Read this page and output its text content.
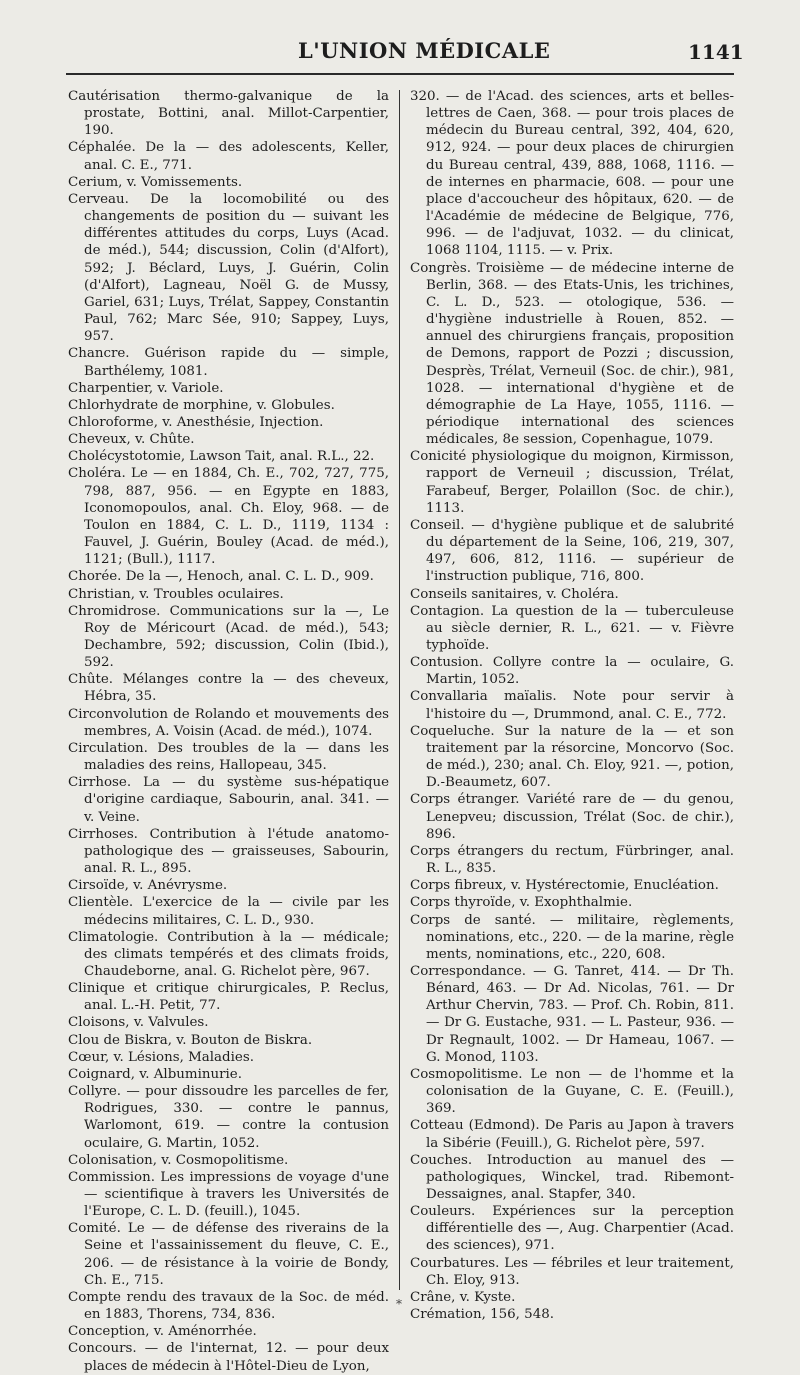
L'UNION MÉDICALE	1141
Cautérisation thermo-galvanique de la prostate, Bottini, anal. Millot-Carpentier, 190.
Céphalée. De la — des adolescents, Keller, anal. C. E., 771.
Cerium, v. Vomissements.
Cerveau. De la locomobilité ou des changements de position du — suivant les différentes attitudes du corps, Luys (Acad. de méd.), 544; discussion, Colin (d'Alfort), 592; J. Béclard, Luys, J. Guérin, Colin (d'Alfort), Lagneau, Noël G. de Mussy, Gariel, 631; Luys, Trélat, Sappey, Constantin Paul, 762; Marc Sée, 910; Sappey, Luys, 957.
Chancre. Guérison rapide du — simple, Barthélemy, 1081.
Charpentier, v. Variole.
Chlorhydrate de morphine, v. Globules.
Chloroforme, v. Anesthésie, Injection.
Cheveux, v. Chûte.
Cholécystotomie, Lawson Tait, anal. R.L., 22.
Choléra. Le — en 1884, Ch. E., 702, 727, 775, 798, 887, 956. — en Egypte en 1883, Iconomopoulos, anal. Ch. Eloy, 968. — de Toulon en 1884, C. L. D., 1119, 1134 : Fauvel, J. Guérin, Bouley (Acad. de méd.), 1121; (Bull.), 1117.
Chorée. De la —, Henoch, anal. C. L. D., 909.
Christian, v. Troubles oculaires.
Chromidrose. Communications sur la —, Le Roy de Méricourt (Acad. de méd.), 543; Dechambre, 592; discussion, Colin (Ibid.), 592.
Chûte. Mélanges contre la — des cheveux, Hébra, 35.
Circonvolution de Rolando et mouvements des membres, A. Voisin (Acad. de méd.), 1074.
Circulation. Des troubles de la — dans les maladies des reins, Hallopeau, 345.
Cirrhose. La — du système sus-hépatique d'origine cardiaque, Sabourin, anal. 341. — v. Veine.
Cirrhoses. Contribution à l'étude anatomo-pathologique des — graisseuses, Sabourin, anal. R. L., 895.
Cirsoïde, v. Anévrysme.
Clientèle. L'exercice de la — civile par les médecins militaires, C. L. D., 930.
Climatologie. Contribution à la — médicale; des climats tempérés et des climats froids, Chaudeborne, anal. G. Richelot père, 967.
Clinique et critique chirurgicales, P. Reclus, anal. L.-H. Petit, 77.
Cloisons, v. Valvules.
Clou de Biskra, v. Bouton de Biskra.
Cœur, v. Lésions, Maladies.
Coignard, v. Albuminurie.
Collyre. — pour dissoudre les parcelles de fer, Rodrigues, 330. — contre le pannus, Warlomont, 619. — contre la contusion oculaire, G. Martin, 1052.
Colonisation, v. Cosmopolitisme.
Commission. Les impressions de voyage d'une — scientifique à travers les Universités de l'Europe, C. L. D. (feuill.), 1045.
Comité. Le — de défense des riverains de la Seine et l'assainissement du fleuve, C. E., 206. — de résistance à la voirie de Bondy, Ch. E., 715.
Compte rendu des travaux de la Soc. de méd. en 1883, Thorens, 734, 836.
Conception, v. Aménorrhée.
Concours. — de l'internat, 12. — pour deux places de médecin à l'Hôtel-Dieu de Lyon,
320. — de l'Acad. des sciences, arts et belles-lettres de Caen, 368. — pour trois places de médecin du Bureau central, 392, 404, 620, 912, 924. — pour deux places de chirurgien du Bureau central, 439, 888, 1068, 1116. — de internes en pharmacie, 608. — pour une place d'accoucheur des hôpitaux, 620. — de l'Académie de médecine de Belgique, 776, 996. — de l'adjuvat, 1032. — du clinicat, 1068 1104, 1115. — v. Prix.
Congrès. Troisième — de médecine interne de Berlin, 368. — des Etats-Unis, les trichines, C. L. D., 523. — otologique, 536. — d'hygiène industrielle à Rouen, 852. — annuel des chirurgiens français, proposition de Demons, rapport de Pozzi ; discussion, Desprès, Trélat, Verneuil (Soc. de chir.), 981, 1028. — international d'hygiène et de démographie de La Haye, 1055, 1116. — périodique international des sciences médicales, 8e session, Copenhague, 1079.
Conicité physiologique du moignon, Kirmisson, rapport de Verneuil ; discussion, Trélat, Farabeuf, Berger, Polaillon (Soc. de chir.), 1113.
Conseil. — d'hygiène publique et de salubrité du département de la Seine, 106, 219, 307, 497, 606, 812, 1116. — supérieur de l'instruction publique, 716, 800.
Conseils sanitaires, v. Choléra.
Contagion. La question de la — tuberculeuse au siècle dernier, R. L., 621. — v. Fièvre typhoïde.
Contusion. Collyre contre la — oculaire, G. Martin, 1052.
Convallaria maïalis. Note pour servir à l'histoire du —, Drummond, anal. C. E., 772.
Coqueluche. Sur la nature de la — et son traitement par la résorcine, Moncorvo (Soc. de méd.), 230; anal. Ch. Eloy, 921. —, potion, D.-Beaumetz, 607.
Corps étranger. Variété rare de — du genou, Lenepveu; discussion, Trélat (Soc. de chir.), 896.
Corps étrangers du rectum, Fürbringer, anal. R. L., 835.
Corps fibreux, v. Hystérectomie, Enucléation.
Corps thyroïde, v. Exophthalmie.
Corps de santé. — militaire, règlements, nominations, etc., 220. — de la marine, règle ments, nominations, etc., 220, 608.
Correspondance. — G. Tanret, 414. — Dr Th. Bénard, 463. — Dr Ad. Nicolas, 761. — Dr Arthur Chervin, 783. — Prof. Ch. Robin, 811. — Dr G. Eustache, 931. — L. Pasteur, 936. — Dr Regnault, 1002. — Dr Hameau, 1067. — G. Monod, 1103.
Cosmopolitisme. Le non — de l'homme et la colonisation de la Guyane, C. E. (Feuill.), 369.
Cotteau (Edmond). De Paris au Japon à travers la Sibérie (Feuill.), G. Richelot père, 597.
Couches. Introduction au manuel des — pathologiques, Winckel, trad. Ribemont-Dessaignes, anal. Stapfer, 340.
Couleurs. Expériences sur la perception différentielle des —, Aug. Charpentier (Acad. des sciences), 971.
Courbatures. Les — fébriles et leur traitement, Ch. Eloy, 913.
Crâne, v. Kyste.
Crémation, 156, 548.
*
